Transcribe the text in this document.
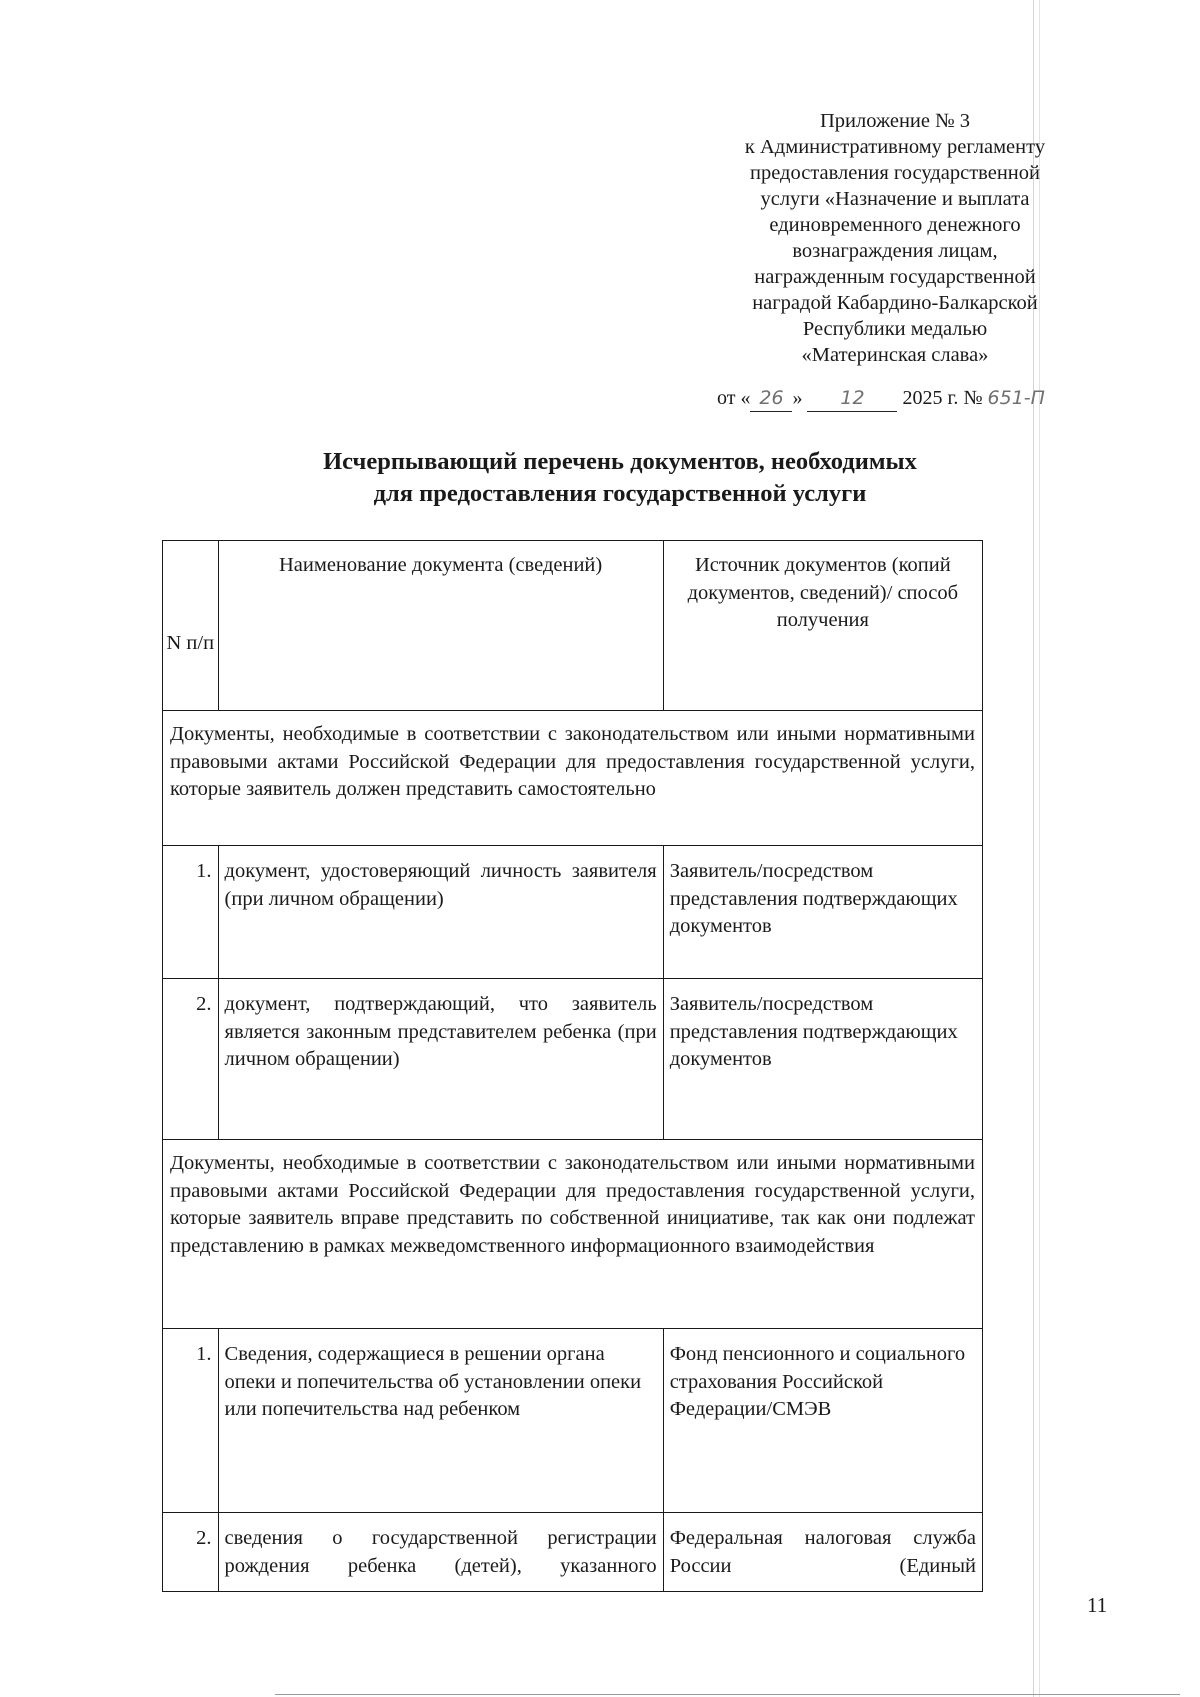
Приложение № 3
к Административному регламенту
предоставления государственной
услуги «Назначение и выплата
единовременного денежного
вознаграждения лицам,
награжденным государственной
наградой Кабардино-Балкарской
Республики медалью
«Материнская слава»
от « 26 » 12 2025 г. № 651-П
Исчерпывающий перечень документов, необходимых
для предоставления государственной услуги
N п/п	Наименование документа (сведений)	Источник документов (копий документов, сведений)/ способ получения
Документы, необходимые в соответствии с законодательством или иными нормативными правовыми актами Российской Федерации для предоставления государственной услуги, которые заявитель должен представить самостоятельно		
1.	документ, удостоверяющий личность заявителя (при личном обращении)	Заявитель/посредством представления подтверждающих документов
2.	документ, подтверждающий, что заявитель является законным представителем ребенка (при личном обращении)	Заявитель/посредством представления подтверждающих документов
Документы, необходимые в соответствии с законодательством или иными нормативными правовыми актами Российской Федерации для предоставления государственной услуги, которые заявитель вправе представить по собственной инициативе, так как они подлежат представлению в рамках межведомственного информационного взаимодействия		
1.	Сведения, содержащиеся в решении органа опеки и попечительства об установлении опеки или попечительства над ребенком	Фонд пенсионного и социального страхования Российской Федерации/СМЭВ
2.	сведения о государственной регистрации рождения ребенка (детей), указанного	Федеральная налоговая служба России (Единый
11
